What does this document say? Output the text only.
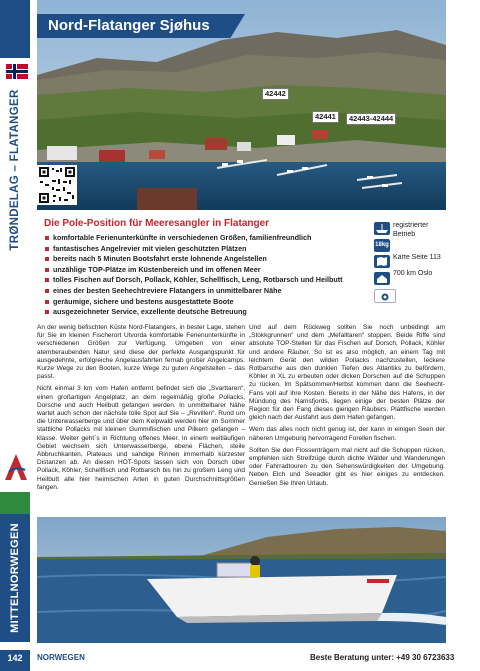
TRØNDELAG – FLATANGER
MITTELNORWEGEN
142
Nord-Flatanger Sjøhus
42442
42441	42443-42444
Die Pole-Position für Meeresangler in Flatanger
komfortable Ferienunterkünfte in verschiedenen Größen, familienfreundlich
fantastisches Angelrevier mit vielen geschützten Plätzen
bereits nach 5 Minuten Bootsfahrt erste lohnende Angelstellen
unzählige TOP-Plätze im Küstenbereich und im offenen Meer
tolles Fischen auf Dorsch, Pollack, Köhler, Schellfisch, Leng, Rotbarsch und Heilbutt
eines der besten Seehechtreviere Flatangers in unmittelbarer Nähe
geräumige, sichere und bestens ausgestattete Boote
ausgezeichneter Service, exzellente deutsche Betreuung
registrierter Betrieb
18kg
Karte Seite 113
700 km Oslo

An der wenig befischten Küste Nord-Flatangers, in bester Lage, stehen für Sie im kleinen Fischerort Utvorda komfortable Ferienunterkünfte in verschiedenen Größen zur Verfügung. Umgeben von einer atemberaubenden Natur sind diese der perfekte Ausgangspunkt für ausgedehnte, erfolgreiche Angelausfahrten fernab großer Angelcamps. Kurze Wege zu den Booten, kurze Wege zu guten Angelstellen – das passt.

Nicht einmal 3 km vom Hafen entfernt befindet sich die „Svarttaren“, einen großartigen Angelplatz, an dem regelmäßig große Pollacks, Dorsche und auch Heilbutt gefangen werden. In unmittelbarer Nähe wartet auch schon der nächste tolle Spot auf Sie – „Revillen“. Rund um die Unterwasserberge und über dem Kelpwald werden hier im Sommer stattliche Pollacks mit kleinen Gummifischen und Pilkern gefangen – klasse. Weiter geht´s in Richtung offenes Meer. In einem weitläufigen Gebiet wechseln sich Unterwasserberge, ebene Flächen, steile Abbruchkanten, Plateaus und sandige Rinnen immerhalb kürzester Distanzen ab. An diesen HOT-Spots lassen sich von Dorsch über Pollack, Köhler, Schellfisch und Rotbarsch bis hin zu großem Leng und Heilbutt alle hier heimischen Arten in guten Durchschnittsgrößen fangen.

Und auf dem Rückweg sollten Sie noch unbedingt am „Stokkgrunnen“ und dem „Mefalltaren“ stoppen. Beide Riffe sind absolute TOP-Stellen für das Fischen auf Dorsch, Pollack, Köhler und andere Räuber. So ist es also möglich, an einem Tag mit leichtem Gerät den wilden Pollacks nachzustellen, leckere Rotbarsche aus den dunklen Tiefen des Atlantiks zu befördern, Köhler in XL zu erbeuten oder dicken Dorschen auf die Schuppen zu rücken. Im Spätsommer/Herbst kommen dann die Seehecht-Fans voll auf ihre Kosten. Bereits in der Nähe des Hafens, in der Mündung des Namsfjords, liegen einige der besten Plätze der Region für den Fang dieses gierigen Räubers. Plattfische werden gleich nach der Ausfahrt aus dem Hafen gefangen.

Wem das alles noch nicht genug ist, der kann in einigen Seen der näheren Umgebung hervorragend Forellen fischen.

Sollten Sie den Flossenträgern mal nicht auf die Schuppen rücken, empfehlen sich Streifzüge durch dichte Wälder und Wanderungen oder Fahrradtouren zu den Sehenswürdigkeiten der Umgebung. Neben Elch und Seeadler gibt es hier einiges zu entdecken. Genießen Sie Ihren Urlaub.

NORWEGEN	Beste Beratung unter: +49 30 6723633
